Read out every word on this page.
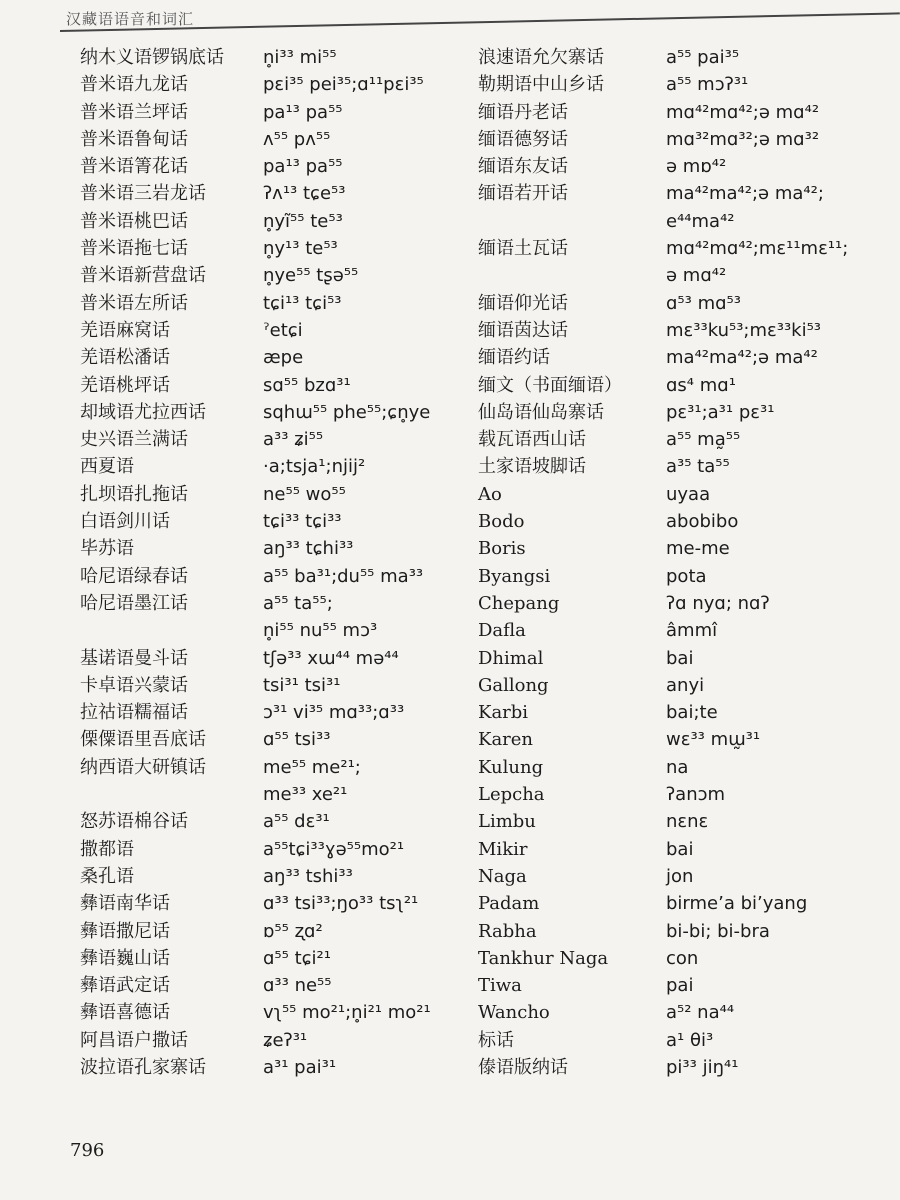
汉藏语语音和词汇
纳木义语锣锅底话	n̥i³³ mi⁵⁵
普米语九龙话	pɛi³⁵ pei³⁵;ɑ¹¹pɛi³⁵
普米语兰坪话	pa¹³ pa⁵⁵
普米语鲁甸话	ʌ⁵⁵ pʌ⁵⁵
普米语箐花话	pa¹³ pa⁵⁵
普米语三岩龙话	ʔʌ¹³ tɕe⁵³
普米语桃巴话	n̥yĩ⁵⁵ te⁵³
普米语拖七话	n̥y¹³ te⁵³
普米语新营盘话	n̥ye⁵⁵ tʂə⁵⁵
普米语左所话	tɕi¹³ tɕi⁵³
羌语麻窝话	ˀetɕi
羌语松潘话	æpe
羌语桃坪话	sɑ⁵⁵ bzɑ³¹
却域语尤拉西话	sqhɯ⁵⁵ phe⁵⁵;ɕn̥ye
史兴语兰满话	a³³ ʑi⁵⁵
西夏语	·a;tsja¹;njij²
扎坝语扎拖话	ne⁵⁵ wo⁵⁵
白语剑川话	tɕi³³ tɕi³³
毕苏语	aŋ³³ tɕhi³³
哈尼语绿春话	a⁵⁵ ba³¹;du⁵⁵ ma³³
哈尼语墨江话	a⁵⁵ ta⁵⁵;
n̥i⁵⁵ nu⁵⁵ mɔ³
基诺语曼斗话	tʃə³³ xɯ⁴⁴ mə⁴⁴
卡卓语兴蒙话	tsi³¹ tsi³¹
拉祜语糯福话	ɔ³¹ vi³⁵ mɑ³³;ɑ³³
傈僳语里吾底话	ɑ⁵⁵ tsi³³
纳西语大研镇话	me⁵⁵ me²¹;
me³³ xe²¹
怒苏语棉谷话	a⁵⁵ dɛ³¹
撒都语	a⁵⁵tɕi³³ɣə⁵⁵mo²¹
桑孔语	aŋ³³ tshi³³
彝语南华话	ɑ³³ tsi³³;ŋo³³ tsʅ²¹
彝语撒尼话	ɒ⁵⁵ ʐɑ²
彝语巍山话	ɑ⁵⁵ tɕi²¹
彝语武定话	ɑ³³ ne⁵⁵
彝语喜德话	vʅ⁵⁵ mo²¹;n̥i²¹ mo²¹
阿昌语户撒话	ʑeʔ³¹
波拉语孔家寨话	a³¹ pai³¹
浪速语允欠寨话	a⁵⁵ pai³⁵
勒期语中山乡话	a⁵⁵ mɔʔ³¹
缅语丹老话	mɑ⁴²mɑ⁴²;ə mɑ⁴²
缅语德努话	mɑ³²mɑ³²;ə mɑ³²
缅语东友话	ə mɒ⁴²
缅语若开话	ma⁴²ma⁴²;ə ma⁴²;
e⁴⁴ma⁴²
缅语土瓦话	mɑ⁴²mɑ⁴²;mɛ¹¹mɛ¹¹;
ə mɑ⁴²
缅语仰光话	ɑ⁵³ mɑ⁵³
缅语茵达话	mɛ³³ku⁵³;mɛ³³ki⁵³
缅语约话	ma⁴²ma⁴²;ə ma⁴²
缅文（书面缅语）	ɑs⁴ mɑ¹
仙岛语仙岛寨话	pɛ³¹;a³¹ pɛ³¹
载瓦语西山话	a⁵⁵ ma̰⁵⁵
土家语坡脚话	a³⁵ ta⁵⁵
Ao	uyaa
Bodo	abobibo
Boris	me-me
Byangsi	pota
Chepang	ʔɑ nyɑ; nɑʔ
Dafla	âmmî
Dhimal	bai
Gallong	anyi
Karbi	bai;te
Karen	wɛ³³ mɯ̰³¹
Kulung	na
Lepcha	ʔanɔm
Limbu	nɛnɛ
Mikir	bai
Naga	jon
Padam	birme’a bi’yang
Rabha	bi-bi; bi-bra
Tankhur Naga	con
Tiwa	pai
Wancho	a⁵² na⁴⁴
标话	a¹ θi³
傣语版纳话	pi³³ jiŋ⁴¹
796
